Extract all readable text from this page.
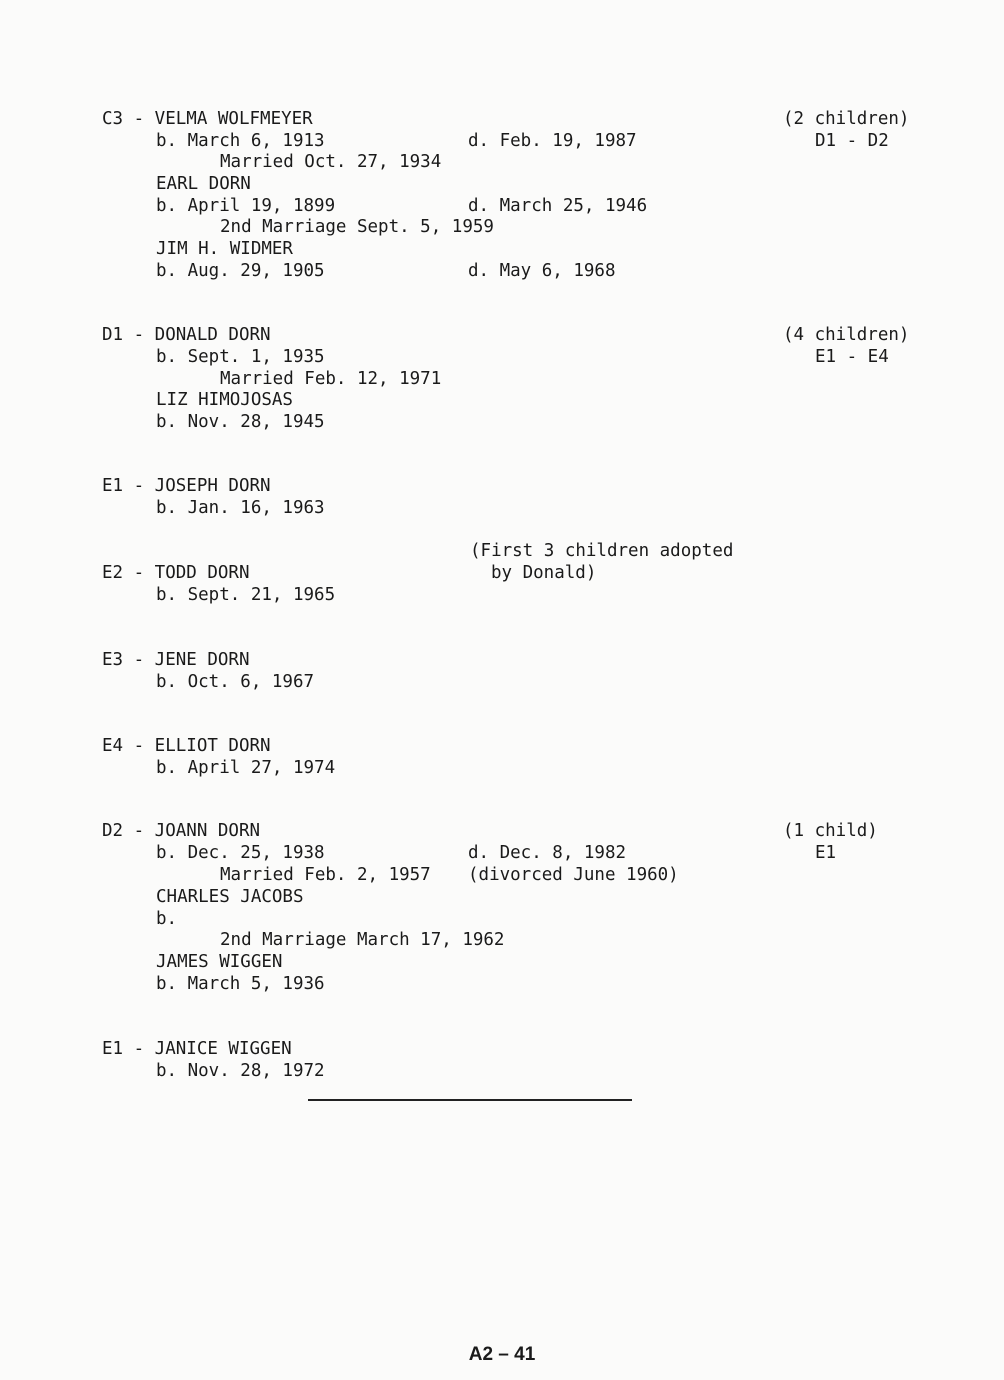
C3 - VELMA WOLFMEYER
b. March 6, 1913	d. Feb. 19, 1987
Married Oct. 27, 1934
EARL DORN
b. April 19, 1899	d. March 25, 1946
2nd Marriage Sept. 5, 1959
JIM H. WIDMER
b. Aug. 29, 1905	d. May 6, 1968
(2 children)
D1 - D2
D1 - DONALD DORN
b. Sept. 1, 1935
Married Feb. 12, 1971
LIZ HIMOJOSAS
b. Nov. 28, 1945
(4 children)
E1 - E4
E1 - JOSEPH DORN
b. Jan. 16, 1963
(First 3 children adopted
by Donald)
E2 - TODD DORN
b. Sept. 21, 1965
E3 - JENE DORN
b. Oct. 6, 1967
E4 - ELLIOT DORN
b. April 27, 1974
D2 - JOANN DORN
b. Dec. 25, 1938	d. Dec. 8, 1982
Married Feb. 2, 1957 (divorced June 1960)
CHARLES JACOBS
b.
2nd Marriage March 17, 1962
JAMES WIGGEN
b. March 5, 1936
(1 child)
E1
E1 - JANICE WIGGEN
b. Nov. 28, 1972
A2 – 41
